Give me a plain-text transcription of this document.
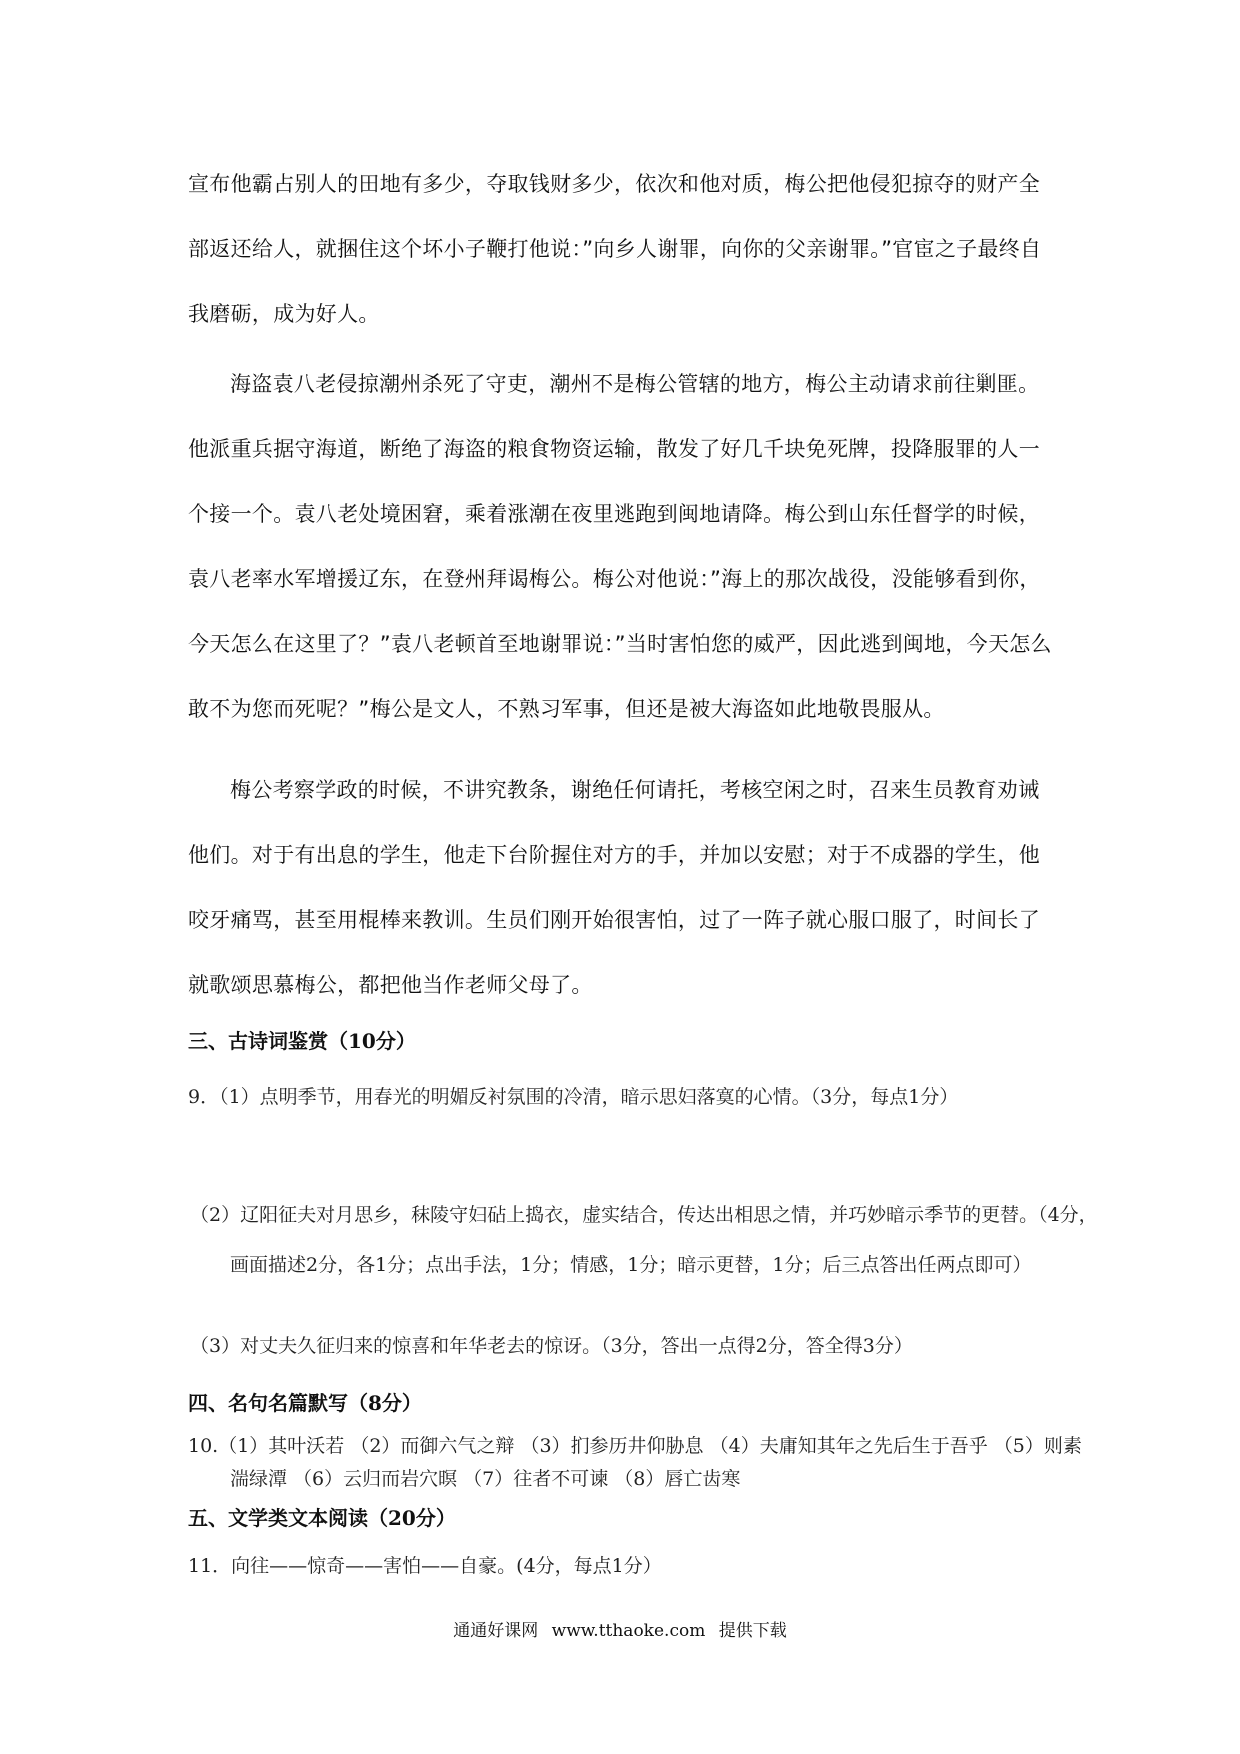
宣布他霸占别人的田地有多少，夺取钱财多少，依次和他对质，梅公把他侵犯掠夺的财产全部返还给人，就捆住这个坏小子鞭打他说：”向乡人谢罪，向你的父亲谢罪。”官宦之子最终自我磨砺，成为好人。

海盗袁八老侵掠潮州杀死了守吏，潮州不是梅公管辖的地方，梅公主动请求前往剿匪。他派重兵据守海道，断绝了海盗的粮食物资运输，散发了好几千块免死牌，投降服罪的人一个接一个。袁八老处境困窘，乘着涨潮在夜里逃跑到闽地请降。梅公到山东任督学的时候，袁八老率水军增援辽东，在登州拜谒梅公。梅公对他说：”海上的那次战役，没能够看到你，今天怎么在这里了？”袁八老顿首至地谢罪说：”当时害怕您的威严，因此逃到闽地，今天怎么敢不为您而死呢？”梅公是文人，不熟习军事，但还是被大海盗如此地敬畏服从。

梅公考察学政的时候，不讲究教条，谢绝任何请托，考核空闲之时，召来生员教育劝诫他们。对于有出息的学生，他走下台阶握住对方的手，并加以安慰；对于不成器的学生，他咬牙痛骂，甚至用棍棒来教训。生员们刚开始很害怕，过了一阵子就心服口服了，时间长了就歌颂思慕梅公，都把他当作老师父母了。

三、古诗词鉴赏（10分）

9．（1）点明季节，用春光的明媚反衬氛围的冷清，暗示思妇落寞的心情。（3分，每点1分）

（2）辽阳征夫对月思乡，秣陵守妇砧上捣衣，虚实结合，传达出相思之情，并巧妙暗示季节的更替。（4分，画面描述2分，各1分；点出手法，1分；情感，1分；暗示更替，1分；后三点答出任两点即可）

（3）对丈夫久征归来的惊喜和年华老去的惊讶。（3分，答出一点得2分，答全得3分）

四、名句名篇默写（8分）

10.（1）其叶沃若 （2）而御六气之辩 （3）扪参历井仰胁息 （4）夫庸知其年之先后生于吾乎 （5）则素湍绿潭 （6）云归而岩穴暝 （7）往者不可谏 （8）唇亡齿寒

五、文学类文本阅读（20分）

11．向往——惊奇——害怕——自豪。(4分，每点1分）

通通好课网 www.tthaoke.com 提供下载
